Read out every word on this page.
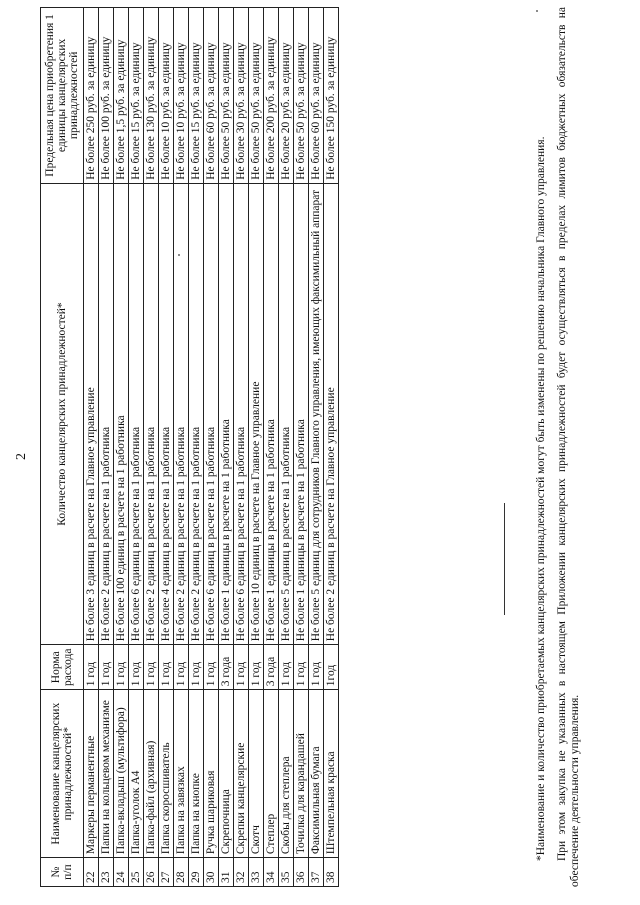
2
№
п/п	Наименование канцелярских принадлежностей*	Норма расхода	Количество канцелярских принадлежностей*	Предельная цена приобретения 1 единицы канцелярских принадлежностей
22	Маркеры перманентные	1 год	Не более 3 единиц в расчете на Главное управление	Не более 250 руб. за единицу
23	Папки на кольцевом механизме	1 год	Не более 2 единиц в расчете на 1 работника	Не более 100 руб. за единицу
24	Папка-вкладыш (мультифора)	1 год	Не более 100 единиц в расчете на 1 работника	Не более 1,5 руб. за единицу
25	Папка-уголок А4	1 год	Не более 6 единиц в расчете на 1 работника	Не более 15 руб. за единицу
26	Папка-файл (архивная)	1 год	Не более 2 единиц в расчете на 1 работника	Не более 130 руб. за единицу
27	Папка скоросшиватель	1 год	Не более 4 единиц в расчете на 1 работника	Не более 10 руб. за единицу
28	Папка на завязках	1 год	Не более 2 единиц в расчете на 1 работника	Не более 10 руб. за единицу
29	Папка на кнопке	1 год	Не более 2 единиц в расчете на 1 работника	Не более 15 руб. за единицу
30	Ручка шариковая	1 год	Не более 6 единиц в расчете на 1 работника	Не более 60 руб. за единицу
31	Скрепочница	3 года	Не более 1 единицы в расчете на 1 работника	Не более 50 руб. за единицу
32	Скрепки канцелярские	1 год	Не более 6 единиц в расчете на 1 работника	Не более 30 руб. за единицу
33	Скотч	1 год	Не более 10 единиц в расчете на Главное управление	Не более 50 руб. за единицу
34	Степлер	3 года	Не более 1 единицы в расчете на 1 работника	Не более 200 руб. за единицу
35	Скобы для степлера	1 год	Не более 5 единиц в расчете на 1 работника	Не более 20 руб. за единицу
36	Точилка для карандашей	1 год	Не более 1 единицы в расчете на 1 работника	Не более 50 руб. за единицу
37	Факсимильная бумага	1 год	Не более 5 единиц для сотрудников Главного управления, имеющих факсимильный аппарат	Не более 60 руб. за единицу
38	Штемпельная краска	1год	Не более 2 единиц в расчете на Главное управление	Не более 150 руб. за единицу
*Наименование и количество приобретаемых канцелярских принадлежностей могут быть изменены по решению начальника Главного управления. При этом закупка не указанных в настоящем Приложении канцелярских принадлежностей будет осуществляться в пределах лимитов бюджетных обязательств на обеспечение деятельности управления.
